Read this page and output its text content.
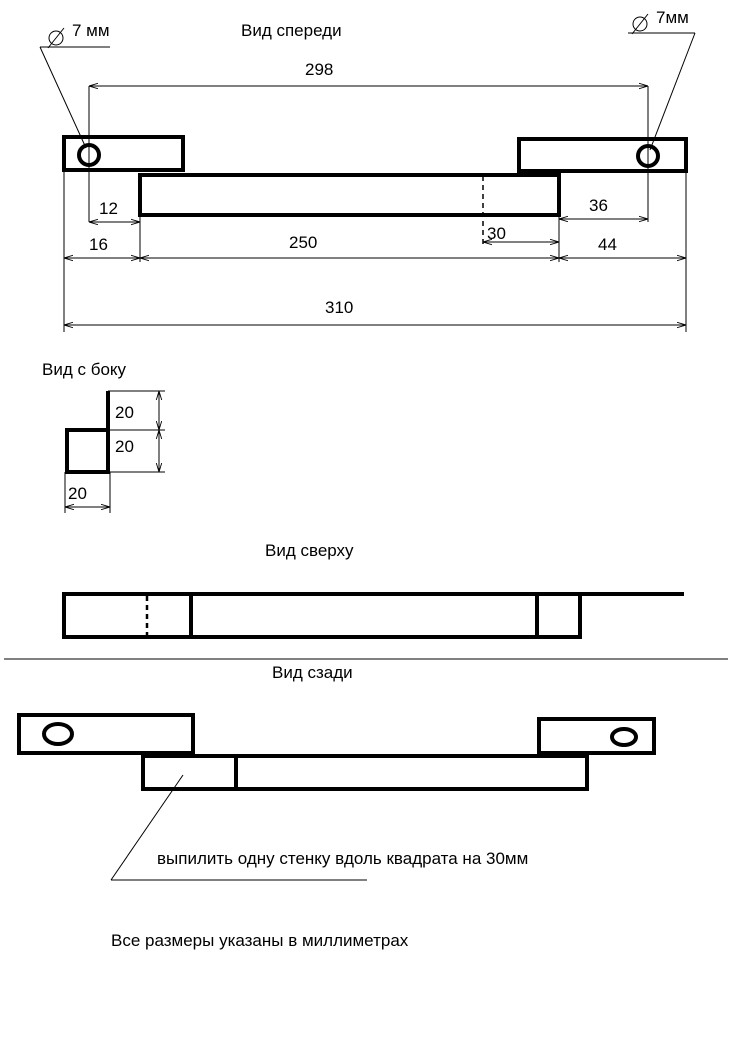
Вид спереди
7 мм
7мм
298
12	36
30
16	250	44
310
Вид с боку
20
20
20
Вид сверху
Вид сзади
выпилить одну стенку вдоль квадрата на 30мм
Все размеры указаны в миллиметрах
